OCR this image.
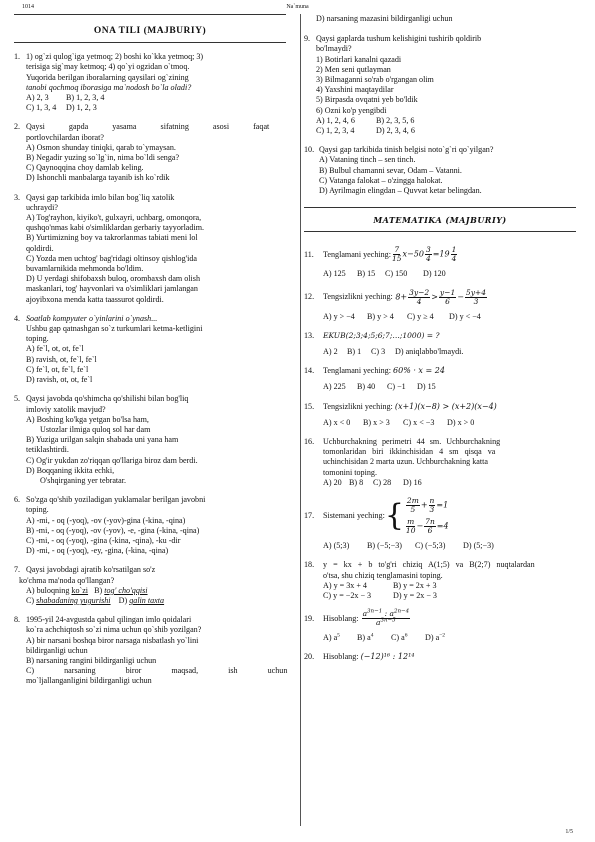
1014	Na`muna
ONA TILI (MAJBURIY)
1. 1) og`zi qulog`iga yetmoq; 2) boshi ko`kka yetmoq; 3)
terisiga sig`may ketmoq; 4) qo`yi ogzidan o`tmoq.
Yuqorida berilgan iboralarning qaysilari og`zining
tanobi qochmoq iborasiga ma`nodosh bo`la oladi?
A) 2, 3	B) 1, 2, 3, 4
C) 1, 3, 4	D) 1, 2, 3
2. Qaysi gapda yasama sifatning asosi faqat
portlovchilardan iborat?
A) Osmon shunday tiniqki, qarab to`ymaysan.
B) Negadir yuzing so`lg`in, nima bo`ldi senga?
C) Qaynoqqina choy damlab keling.
D) Ishonchli manbalarga tayanib ish ko`rdik
3. Qaysi gap tarkibida imlo bilan bog`liq xatolik
uchraydi?
A) Tog'rayhon, kiyiko't, gulxayri, uchbarg, omonqora,
qushqo'nmas kabi o'simliklardan gerbariy tayyorladim.
B) Yurtimizning boy va takrorlanmas tabiati meni lol
qoldirdi.
C) Yozda men uchtog' bag'ridagi oltinsoy qishlog'ida
buvamlarnikida mehmonda bo'ldim.
D) U yerdagi shifobaxsh buloq, orombaxsh dam olish
maskanlari, tog' hayvonlari va o'simliklari jamlangan
ajoyibxona menda katta taassurot qoldirdi.
4. Soatlab kompyuter o`yinlarini o`ynash...
Ushbu gap qatnashgan so`z turkumlari ketma-ketligini
toping.
A) fe`l, ot, ot, fe`l
B) ravish, ot, fe`l, fe`l
C) fe`l, ot, fe`l, fe`l
D) ravish, ot, ot, fe`l
5. Qaysi javobda qo'shimcha qo'shilishi bilan bog'liq
imloviy xatolik mavjud?
A) Boshing ko'kga yetgan bo'lsa ham,
Ustozlar ilmiga quloq sol har dam
B) Yuziga urilgan salqin shabada uni yana ham
tetiklashtirdi.
C) Og'ir yukdan zo'riqqan qo'llariga biroz dam berdi.
D) Boqqaning ikkita echki,
O'shqirganing yer tebratar.
6. So'zga qo'shib yoziladigan yuklamalar berilgan javobni
toping.
A) -mi, - oq (-yoq), -ov (-yov)-gina (-kina, -qina)
B) -mi, - oq (-yoq), -ov (-yov), -e, -gina (-kina, -qina)
C) -mi, - oq (-yoq), -gina (-kina, -qina), -ku -dir
D) -mi, - oq (-yoq), -ey, -gina, (-kina, -qina)
7. Qaysi javobdagi ajratib ko'rsatilgan so'z
ko'chma ma'noda qo'llangan?
A) buloqning ko`zi B) tog' cho'qqisi
C) shabadaning yugurishi D) qalin taxta
8. 1995-yil 24-avgustda qabul qilingan imlo qoidalari
ko`ra achchiqtosh so`zi nima uchun qo`shib yozilgan?
A) bir narsani boshqa biror narsaga nisbatlash yo`lini
bildirganligi uchun
B) narsaning rangini bildirganligi uchun
C) narsaning biror maqsad, ish uchun
mo`ljallanganligini bildirganligi uchun
D) narsaning mazasini bildirganligi uchun
9. Qaysi gaplarda tushum kelishigini tushirib qoldirib
bo'lmaydi?
1) Botirlari kanalni qazadi
2) Men seni qutlayman
3) Bilmaganni so'rab o'rgangan olim
4) Yaxshini maqtaydilar
5) Birpasda ovqatni yeb bo'ldik
6) Ozni ko'p yengibdi
A) 1, 2, 4, 6	B) 2, 3, 5, 6
C) 1, 2, 3, 4	D) 2, 3, 4, 6
10. Qaysi gap tarkibida tinish belgisi noto`g`ri qo`yilgan?
A) Vataning tinch – sen tinch.
B) Bulbul chamanni sevar, Odam – Vatanni.
C) Vatanga falokat – o'zingga halokat.
D) Ayrilmagin elingdan – Quvvat ketar belingdan.
MATEMATIKA (MAJBURIY)
11.	Tenglamani yeching: $\frac{7}{15} x-50 \frac{3}{4} =19 \frac{1}{4}$
A) 125	B) 15	C) 150	D) 120
12.	Tengsizlikni yeching: $8+ \frac{3y-2}{4} > \frac{y-1}{6} - \frac{5y+4}{3}$
A) y > −4	B) y > 4	C) y ≥ 4	D) y < −4
13.	EKUB(2;3;4;5;6;7;…;1000) = ?
A) 2	B) 1	C) 3	D) aniqlabbo'lmaydi.
14.	Tenglamani yeching:
60% · x = 24
A) 225	B) 40	C) −1	D) 15
15.	Tengsizlikni yeching:
(x+1)(x−8) > (x+2)(x−4)
A) x < 0	B) x > 3	C) x < −3	D) x > 0
16.	Uchburchakning perimetri 44 sm. Uchburchakning
tomonlaridan biri ikkinchisidan 4 sm qisqa va
uchinchisidan 2 marta uzun. Uchburchakning katta
tomonini toping.
A) 20 B) 8	C) 28	D) 16
17.	Sistemani yeching: { $\frac{2m}{5} + \frac{n}{3} =1$
$\frac{m}{10} - \frac{7n}{6} =4$
A) (5;3)	B) (−5;−3)	C) (−5;3)	D) (5;−3)
18.	y = kx + b to'g'ri chiziq A(1;5) va B(2;7) nuqtalardan
o'tsa, shu chiziq tenglamasini toping.
A) y = 3x + 4	B) y = 2x + 3
C) y = −2x − 3	D) y = 2x − 3
19.	Hisoblang:
$\frac{a^{3n-1} : a^{2n-4}}{a^{3n-5}}$
A) $a^5$	B) $a^4$	C) $a^6$	D) $a^{-2}$
20.	Hisoblang:
(−12)¹⁶ : 12¹⁴
1/5
